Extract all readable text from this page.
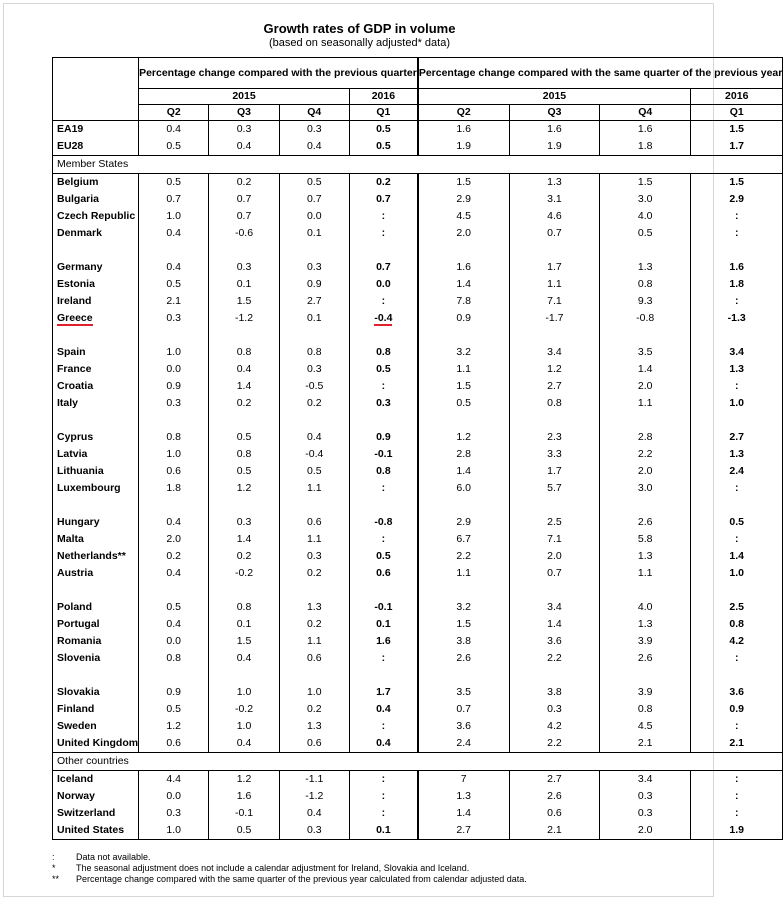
Growth rates of GDP in volume
(based on seasonally adjusted* data)
	Percentage change compared with the previous quarter				Percentage change compared with the same quarter of the previous year			
	2015			2016		2015			2016
	Q2	Q3	Q4	Q1		Q2	Q3	Q4	Q1
EA19	0.4	0.3	0.3	0.5		1.6	1.6	1.6	1.5
EU28	0.5	0.4	0.4	0.5		1.9	1.9	1.8	1.7
Member States								
Belgium	0.5	0.2	0.5	0.2		1.5	1.3	1.5	1.5
Bulgaria	0.7	0.7	0.7	0.7		2.9	3.1	3.0	2.9
Czech Republic	1.0	0.7	0.0	:		4.5	4.6	4.0	:
Denmark	0.4	-0.6	0.1	:		2.0	0.7	0.5	:

Germany	0.4	0.3	0.3	0.7		1.6	1.7	1.3	1.6
Estonia	0.5	0.1	0.9	0.0		1.4	1.1	0.8	1.8
Ireland	2.1	1.5	2.7	:		7.8	7.1	9.3	:
Greece	0.3	-1.2	0.1	-0.4		0.9	-1.7	-0.8	-1.3

Spain	1.0	0.8	0.8	0.8		3.2	3.4	3.5	3.4
France	0.0	0.4	0.3	0.5		1.1	1.2	1.4	1.3
Croatia	0.9	1.4	-0.5	:		1.5	2.7	2.0	:
Italy	0.3	0.2	0.2	0.3		0.5	0.8	1.1	1.0

Cyprus	0.8	0.5	0.4	0.9		1.2	2.3	2.8	2.7
Latvia	1.0	0.8	-0.4	-0.1		2.8	3.3	2.2	1.3
Lithuania	0.6	0.5	0.5	0.8		1.4	1.7	2.0	2.4
Luxembourg	1.8	1.2	1.1	:		6.0	5.7	3.0	:

Hungary	0.4	0.3	0.6	-0.8		2.9	2.5	2.6	0.5
Malta	2.0	1.4	1.1	:		6.7	7.1	5.8	:
Netherlands**	0.2	0.2	0.3	0.5		2.2	2.0	1.3	1.4
Austria	0.4	-0.2	0.2	0.6		1.1	0.7	1.1	1.0

Poland	0.5	0.8	1.3	-0.1		3.2	3.4	4.0	2.5
Portugal	0.4	0.1	0.2	0.1		1.5	1.4	1.3	0.8
Romania	0.0	1.5	1.1	1.6		3.8	3.6	3.9	4.2
Slovenia	0.8	0.4	0.6	:		2.6	2.2	2.6	:

Slovakia	0.9	1.0	1.0	1.7		3.5	3.8	3.9	3.6
Finland	0.5	-0.2	0.2	0.4		0.7	0.3	0.8	0.9
Sweden	1.2	1.0	1.3	:		3.6	4.2	4.5	:
United Kingdom	0.6	0.4	0.6	0.4		2.4	2.2	2.1	2.1
Other countries								
Iceland	4.4	1.2	-1.1	:		7	2.7	3.4	:
Norway	0.0	1.6	-1.2	:		1.3	2.6	0.3	:
Switzerland	0.3	-0.1	0.4	:		1.4	0.6	0.3	:
United States	1.0	0.5	0.3	0.1		2.7	2.1	2.0	1.9
:	Data not available.
*	The seasonal adjustment does not include a calendar adjustment for Ireland, Slovakia and Iceland.
**	Percentage change compared with the same quarter of the previous year calculated from calendar adjusted data.
